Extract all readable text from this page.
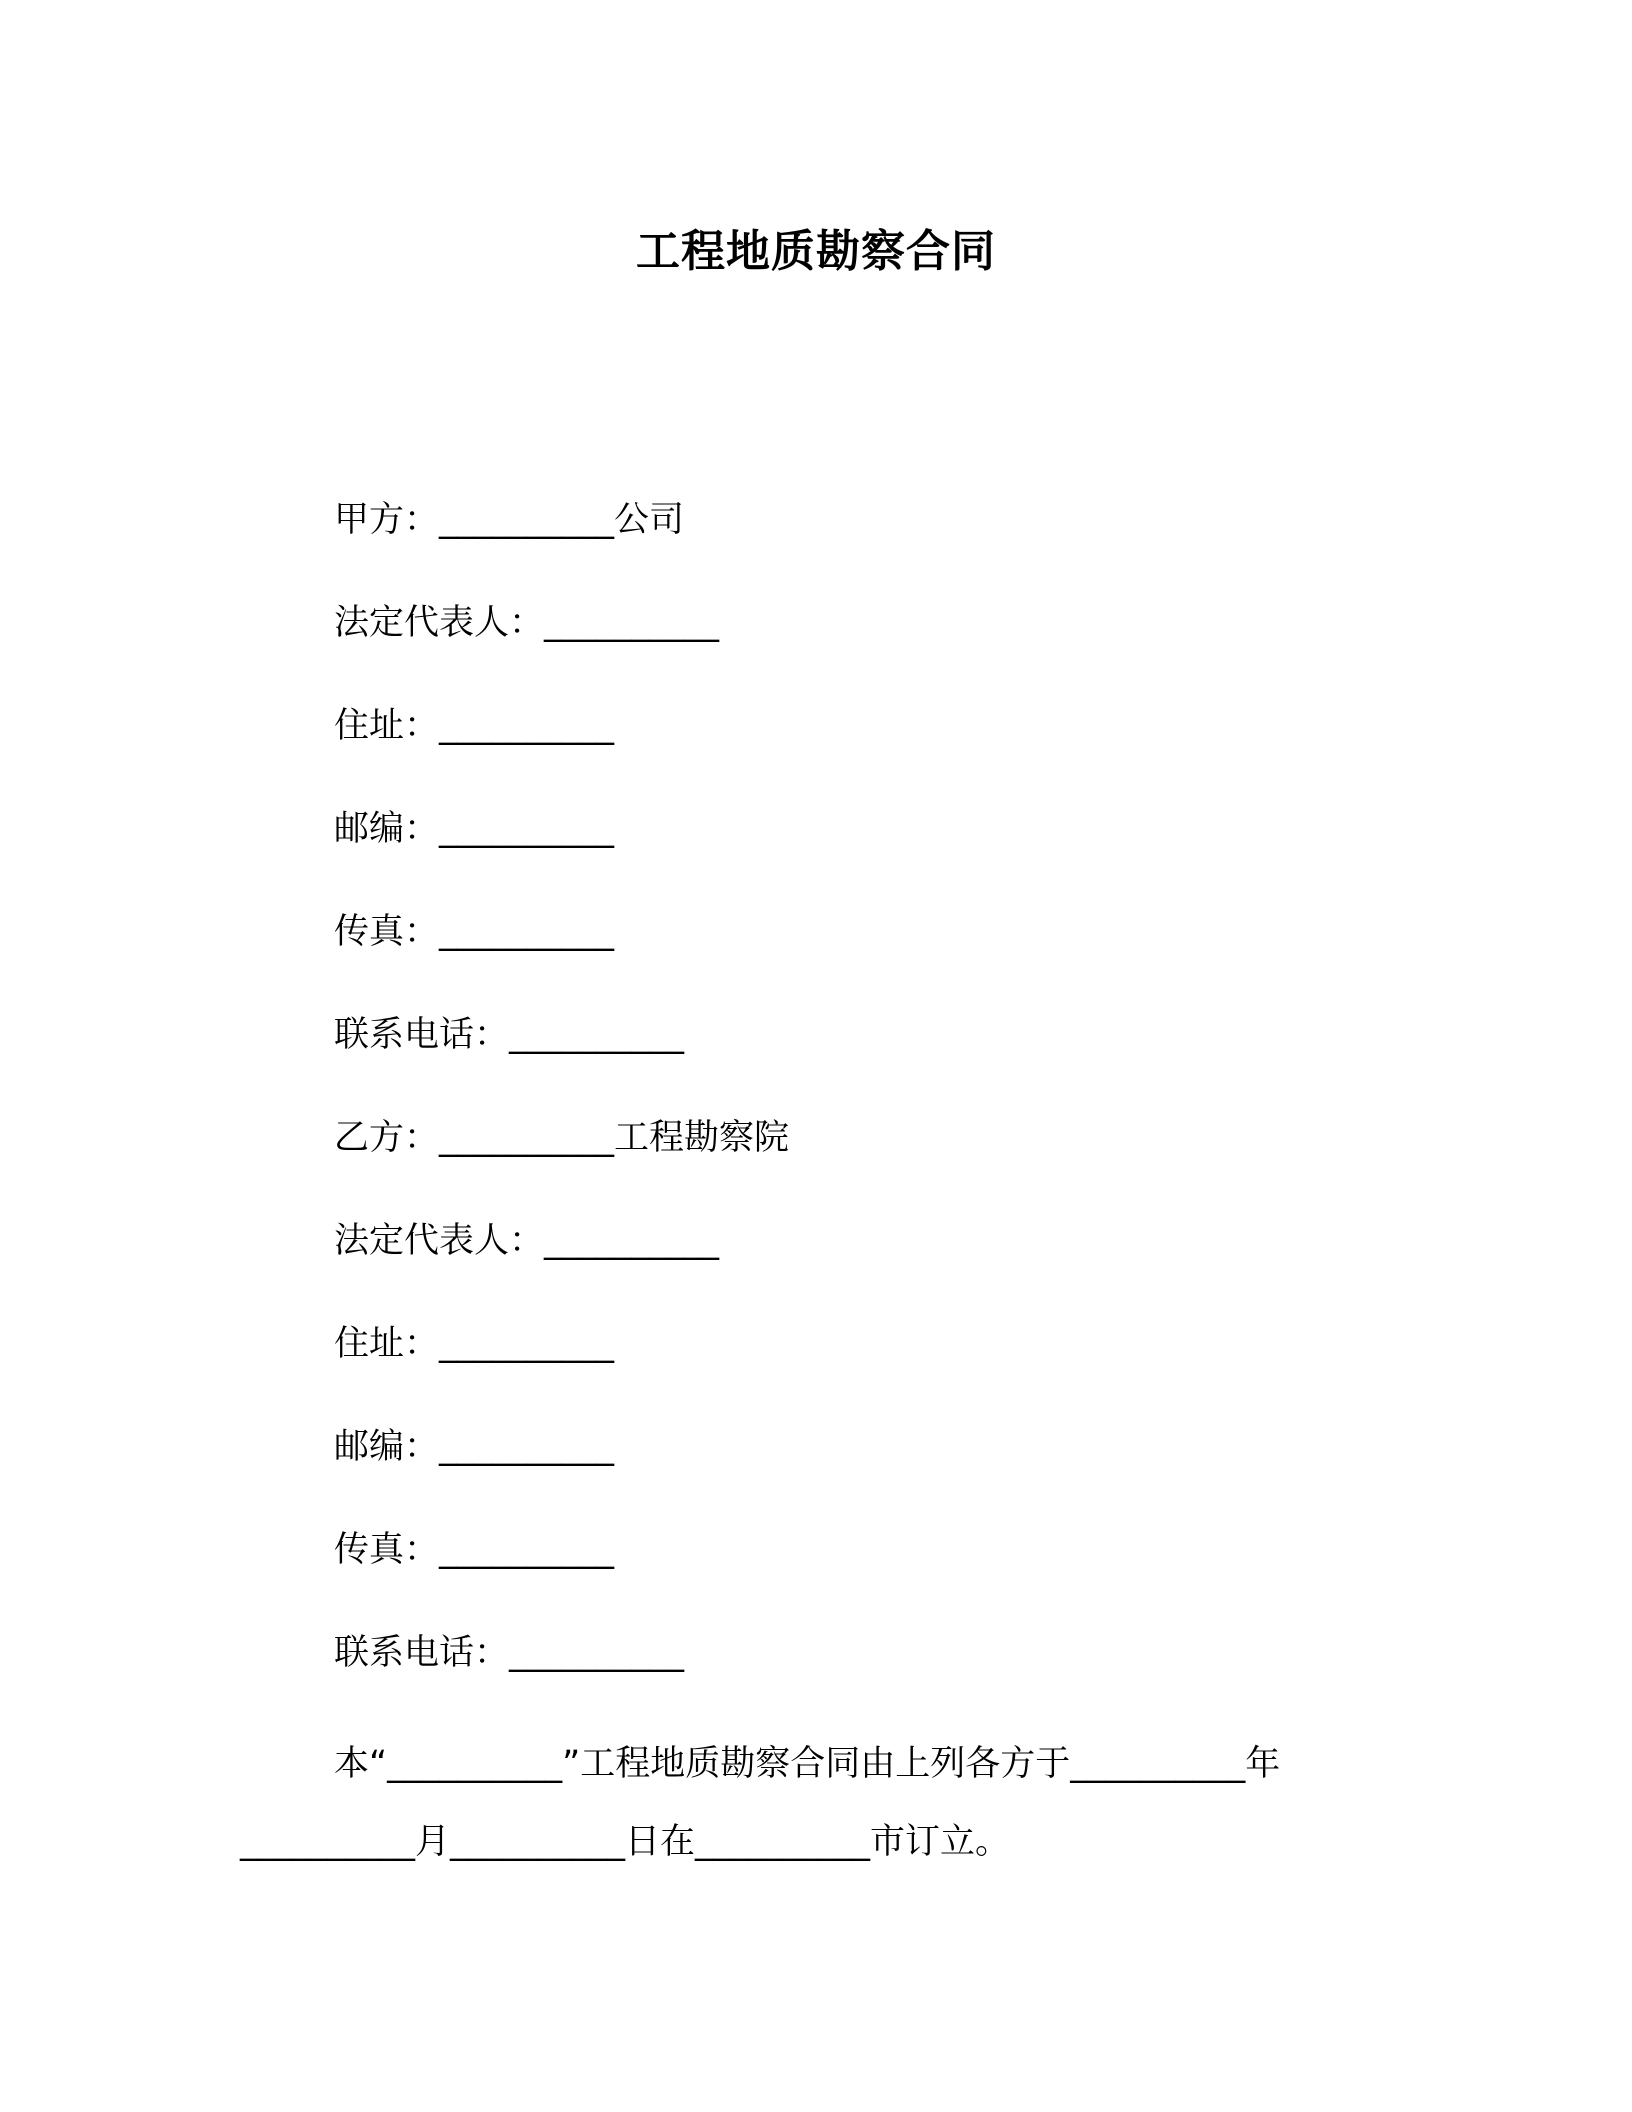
工程地质勘察合同
甲方：__________公司
法定代表人：__________
住址：__________
邮编：__________
传真：__________
联系电话：__________
乙方：__________工程勘察院
法定代表人：__________
住址：__________
邮编：__________
传真：__________
联系电话：__________
本“__________”工程地质勘察合同由上列各方于__________年__________月__________日在__________市订立。
